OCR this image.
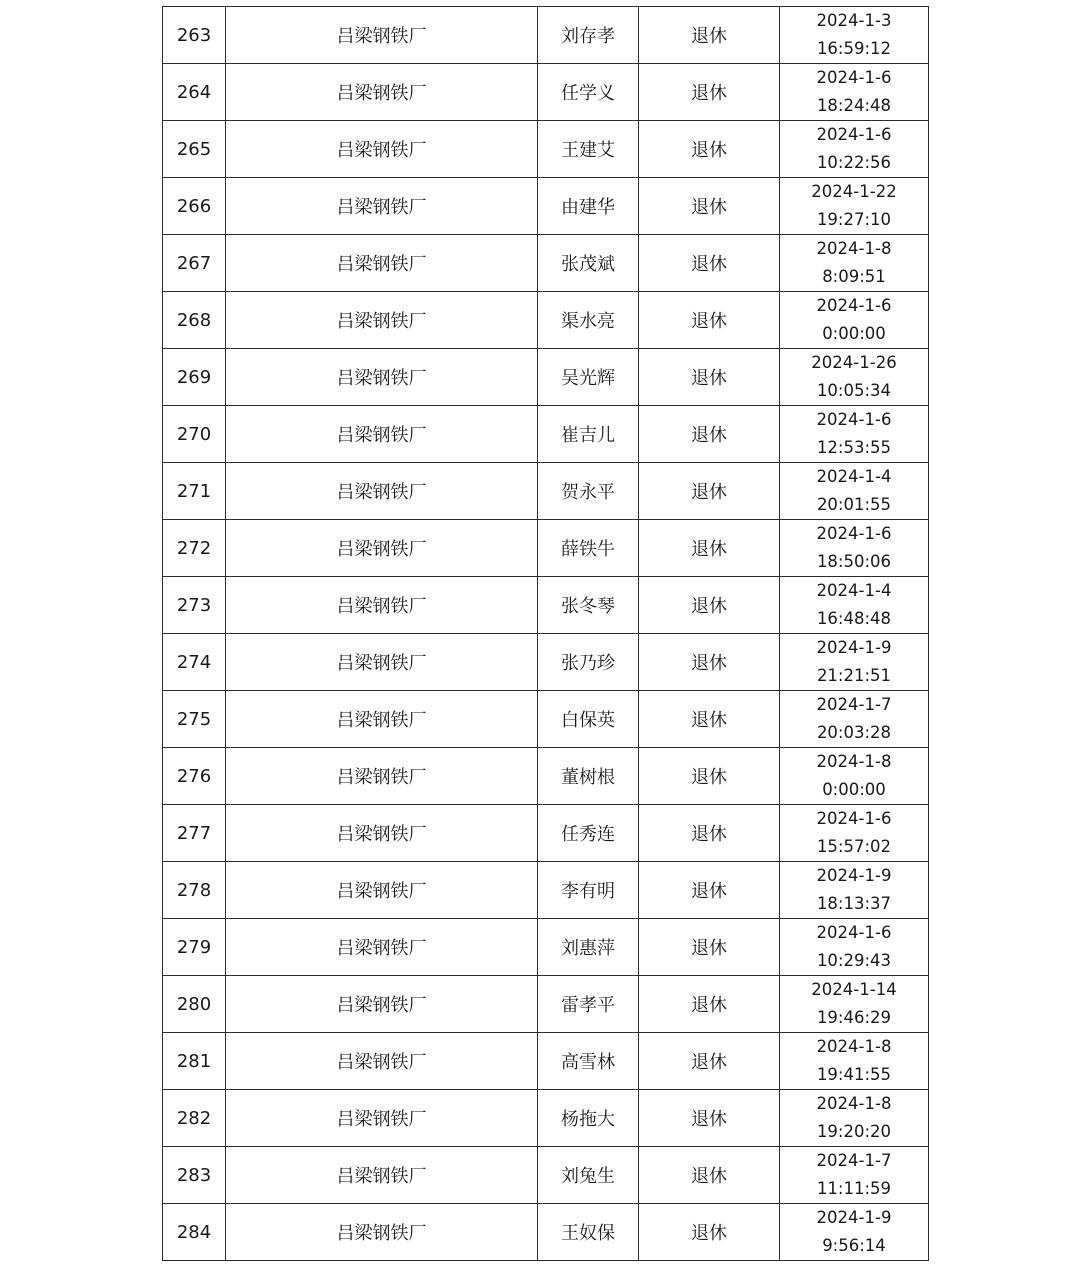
263	吕梁钢铁厂	刘存孝	退休	2024-1-3
16:59:12

264	吕梁钢铁厂	任学义	退休	2024-1-6
18:24:48

265	吕梁钢铁厂	王建艾	退休	2024-1-6
10:22:56

266	吕梁钢铁厂	由建华	退休	2024-1-22
19:27:10

267	吕梁钢铁厂	张茂斌	退休	2024-1-8
8:09:51

268	吕梁钢铁厂	渠水亮	退休	2024-1-6
0:00:00

269	吕梁钢铁厂	吴光辉	退休	2024-1-26
10:05:34

270	吕梁钢铁厂	崔吉儿	退休	2024-1-6
12:53:55

271	吕梁钢铁厂	贺永平	退休	2024-1-4
20:01:55

272	吕梁钢铁厂	薛铁牛	退休	2024-1-6
18:50:06

273	吕梁钢铁厂	张冬琴	退休	2024-1-4
16:48:48

274	吕梁钢铁厂	张乃珍	退休	2024-1-9
21:21:51

275	吕梁钢铁厂	白保英	退休	2024-1-7
20:03:28

276	吕梁钢铁厂	董树根	退休	2024-1-8
0:00:00

277	吕梁钢铁厂	任秀连	退休	2024-1-6
15:57:02

278	吕梁钢铁厂	李有明	退休	2024-1-9
18:13:37

279	吕梁钢铁厂	刘惠萍	退休	2024-1-6
10:29:43

280	吕梁钢铁厂	雷孝平	退休	2024-1-14
19:46:29

281	吕梁钢铁厂	高雪林	退休	2024-1-8
19:41:55

282	吕梁钢铁厂	杨拖大	退休	2024-1-8
19:20:20

283	吕梁钢铁厂	刘兔生	退休	2024-1-7
11:11:59

284	吕梁钢铁厂	王奴保	退休	2024-1-9
9:56:14
